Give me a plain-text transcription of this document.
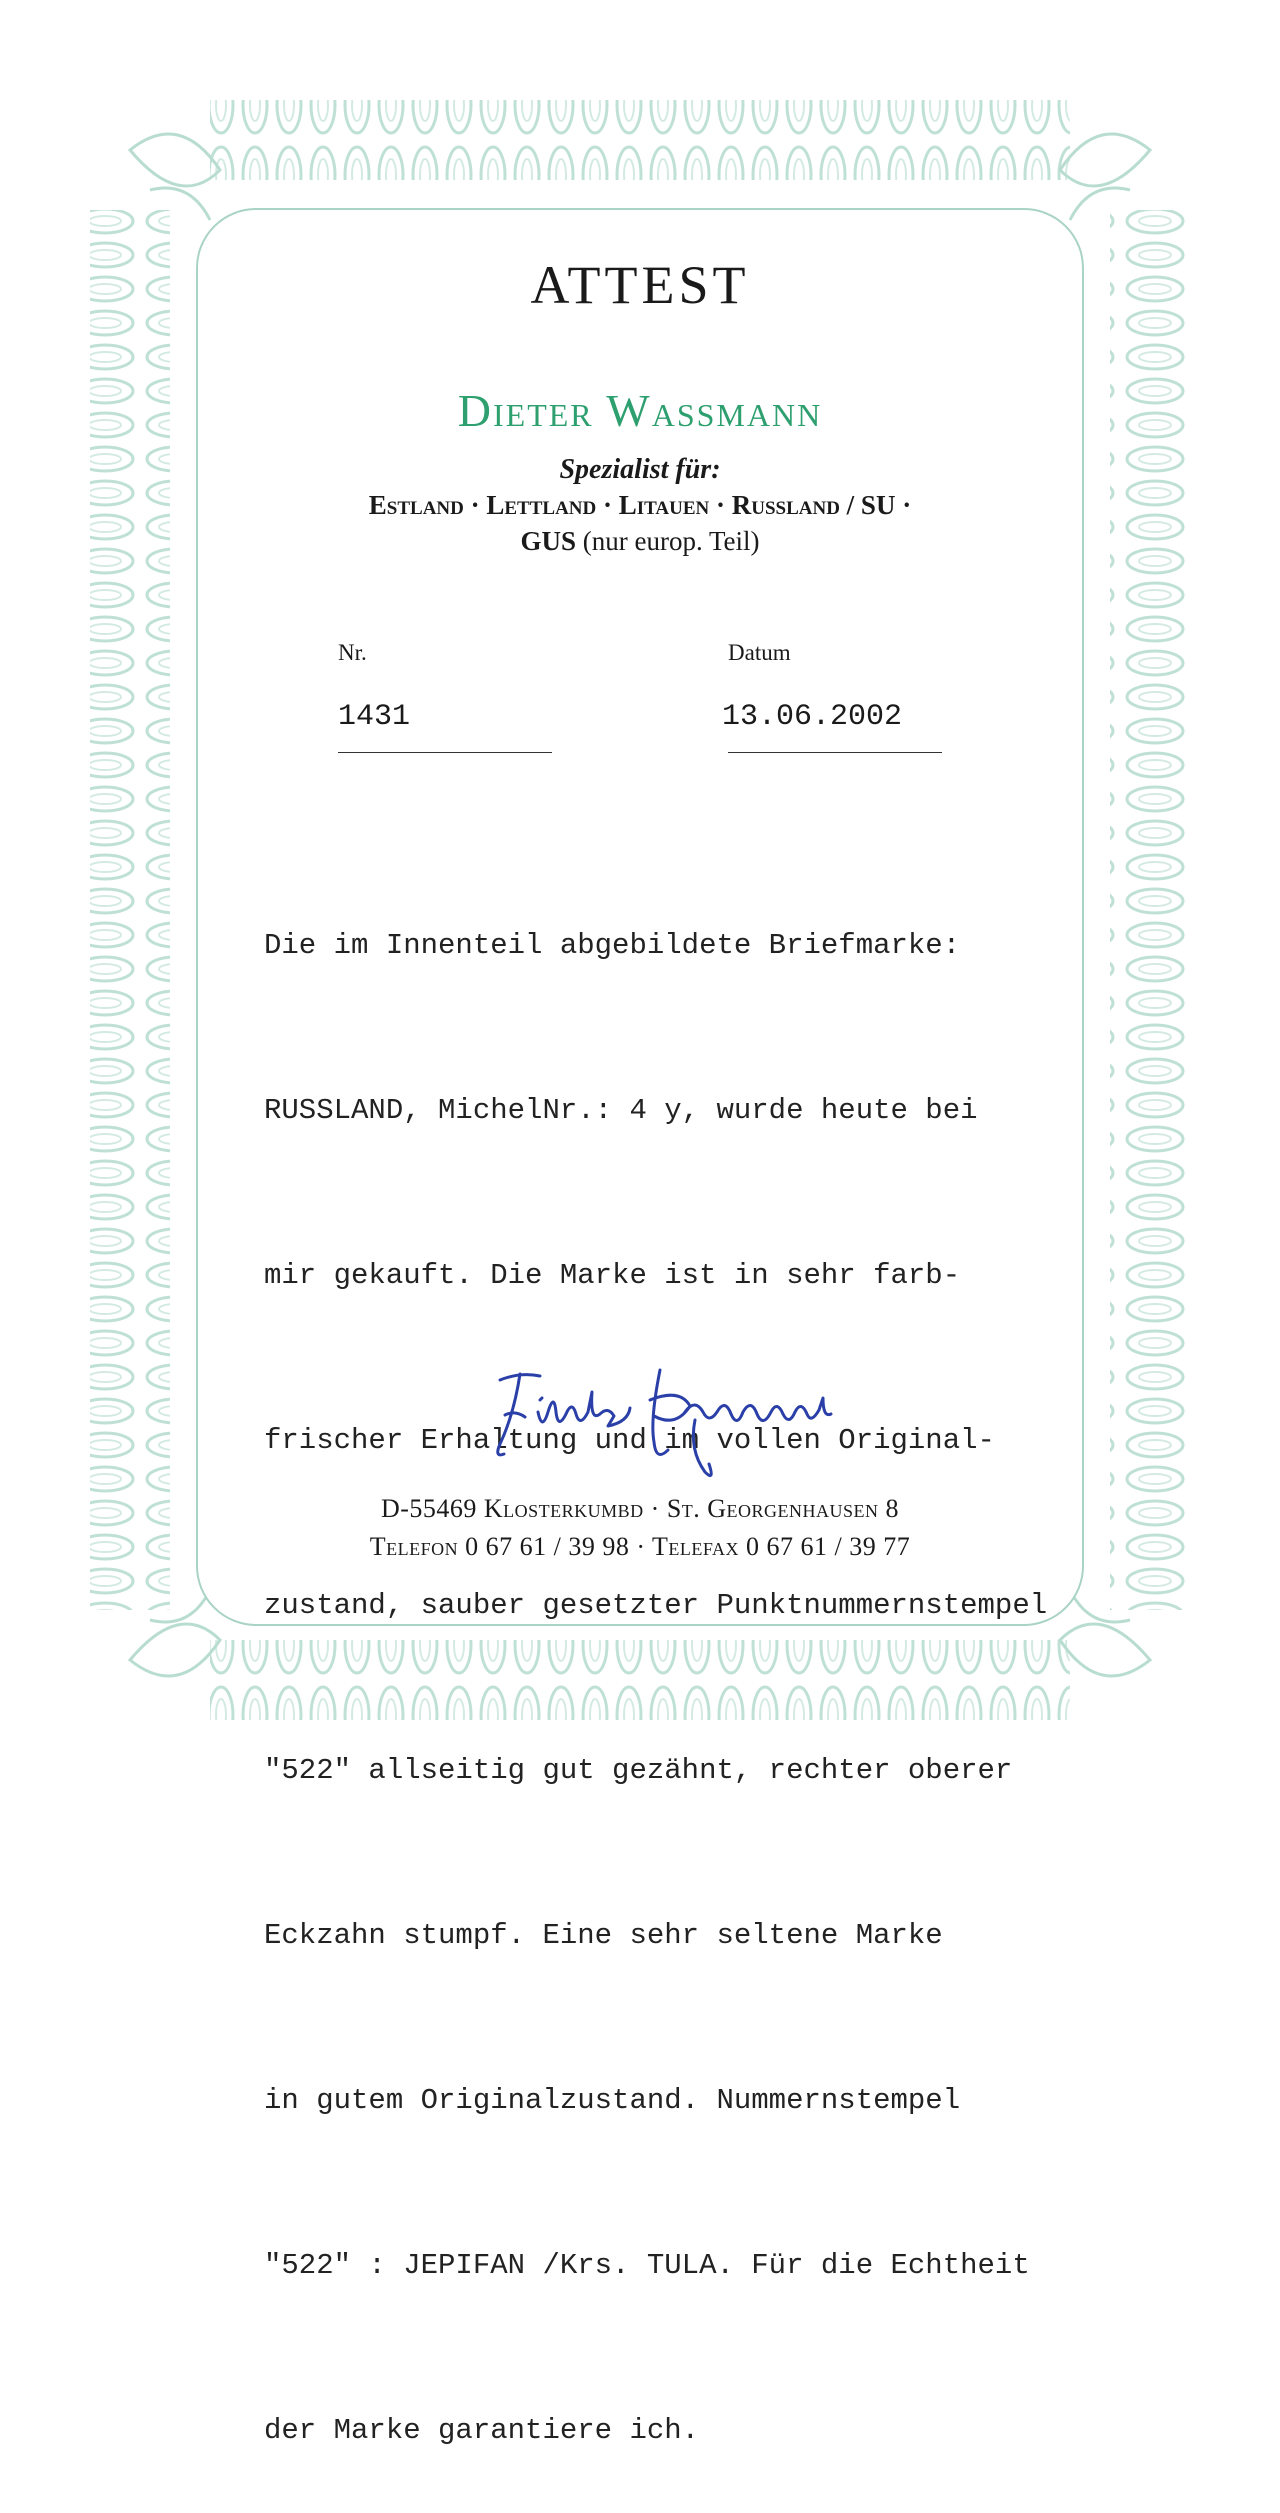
ATTEST
Dieter Wassmann
Spezialist für:
Estland · Lettland · Litauen · Russland / SU ·
GUS (nur europ. Teil)
Nr.
1431
Datum
13.06.2002

Die im Innenteil abgebildete Briefmarke:

RUSSLAND, MichelNr.: 4 y, wurde heute bei

mir gekauft. Die Marke ist in sehr farb-

frischer Erhaltung und im vollen Original-

zustand, sauber gesetzter Punktnummernstempel

"522" allseitig gut gezähnt, rechter oberer

Eckzahn stumpf. Eine sehr seltene Marke

in gutem Originalzustand. Nummernstempel

"522" : JEPIFAN /Krs. TULA. Für die Echtheit

der Marke garantiere ich.

D-55469 Klosterkumbd · St. Georgenhausen 8
Telefon 0 67 61 / 39 98 · Telefax 0 67 61 / 39 77
